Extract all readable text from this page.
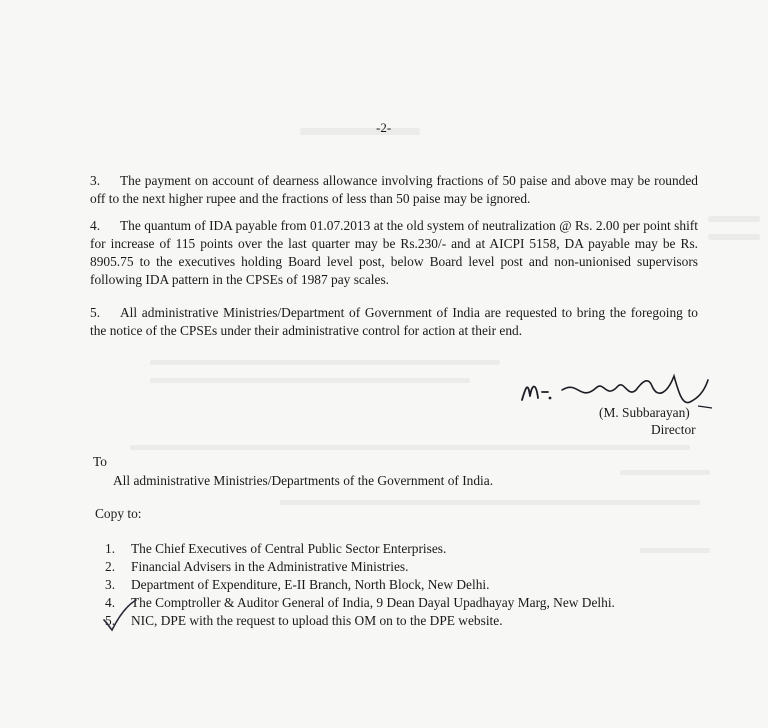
-2-
3. The payment on account of dearness allowance involving fractions of 50 paise and above may be rounded off to the next higher rupee and the fractions of less than 50 paise may be ignored.
4. The quantum of IDA payable from 01.07.2013 at the old system of neutralization @ Rs. 2.00 per point shift for increase of 115 points over the last quarter may be Rs.230/- and at AICPI 5158, DA payable may be Rs. 8905.75 to the executives holding Board level post, below Board level post and non-unionised supervisors following IDA pattern in the CPSEs of 1987 pay scales.
5. All administrative Ministries/Department of Government of India are requested to bring the foregoing to the notice of the CPSEs under their administrative control for action at their end.
(M. Subbarayan)
Director
To
All administrative Ministries/Departments of the Government of India.
Copy to:
1. The Chief Executives of Central Public Sector Enterprises.
2. Financial Advisers in the Administrative Ministries.
3. Department of Expenditure, E-II Branch, North Block, New Delhi.
4. The Comptroller & Auditor General of India, 9 Dean Dayal Upadhayay Marg, New Delhi.
5. NIC, DPE with the request to upload this OM on to the DPE website.
